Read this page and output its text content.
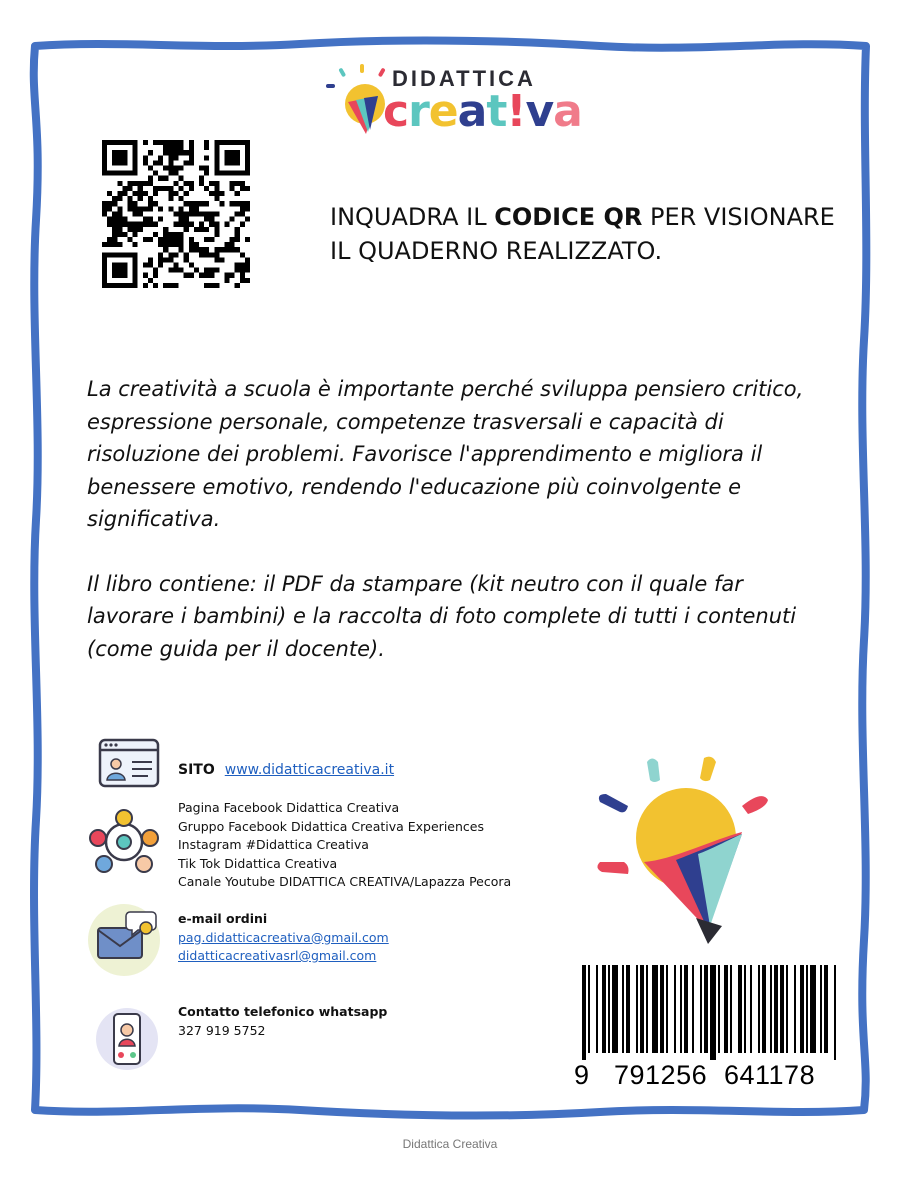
DIDATTICA
creat!va
INQUADRA IL CODICE QR PER VISIONARE IL QUADERNO REALIZZATO.

La creatività a scuola è importante perché sviluppa pensiero critico, espressione personale, competenze trasversali e capacità di risoluzione dei problemi. Favorisce l'apprendimento e migliora il benessere emotivo, rendendo l'educazione più coinvolgente e significativa.

Il libro contiene: il PDF da stampare (kit neutro con il quale far lavorare i bambini) e la raccolta di foto complete di tutti i contenuti (come guida per il docente).

SITO www.didatticacreativa.it
Pagina Facebook Didattica Creativa
Gruppo Facebook Didattica Creativa Experiences
Instagram #Didattica Creativa
Tik Tok Didattica Creativa
Canale Youtube DIDATTICA CREATIVA/Lapazza Pecora
e-mail ordini
pag.didatticacreativa@gmail.com
didatticacreativasrl@gmail.com
Contatto telefonico whatsapp
327 919 5752
9 791256 641178
Didattica Creativa
